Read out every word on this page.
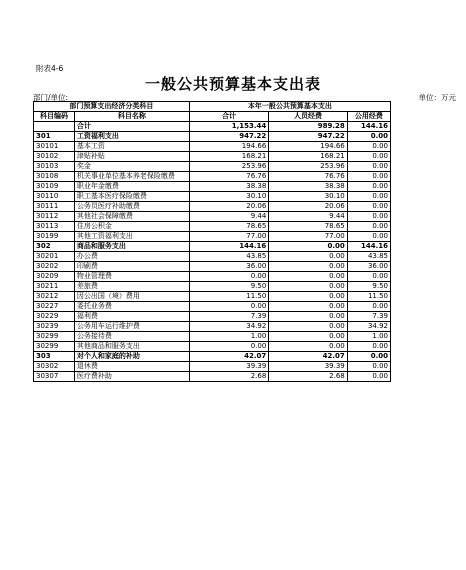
附表4-6
一般公共预算基本支出表
部门/单位:	单位：万元
部门预算支出经济分类科目		本年一般公共预算基本支出		
科目编码	科目名称	合计	人员经费	公用经费
	合计	1,153.44	989.28	144.16
301	工资福利支出	947.22	947.22	0.00
30101	基本工资	194.66	194.66	0.00
30102	津贴补贴	168.21	168.21	0.00
30103	奖金	253.96	253.96	0.00
30108	机关事业单位基本养老保险缴费	76.76	76.76	0.00
30109	职业年金缴费	38.38	38.38	0.00
30110	职工基本医疗保险缴费	30.10	30.10	0.00
30111	公务员医疗补助缴费	20.06	20.06	0.00
30112	其他社会保障缴费	9.44	9.44	0.00
30113	住房公积金	78.65	78.65	0.00
30199	其他工资福利支出	77.00	77.00	0.00
302	商品和服务支出	144.16	0.00	144.16
30201	办公费	43.85	0.00	43.85
30202	印刷费	36.00	0.00	36.00
30209	物业管理费	0.00	0.00	0.00
30211	差旅费	9.50	0.00	9.50
30212	因公出国（境）费用	11.50	0.00	11.50
30227	委托业务费	0.00	0.00	0.00
30229	福利费	7.39	0.00	7.39
30239	公务用车运行维护费	34.92	0.00	34.92
30299	公务接待费	1.00	0.00	1.00
30299	其他商品和服务支出	0.00	0.00	0.00
303	对个人和家庭的补助	42.07	42.07	0.00
30302	退休费	39.39	39.39	0.00
30307	医疗费补助	2.68	2.68	0.00
